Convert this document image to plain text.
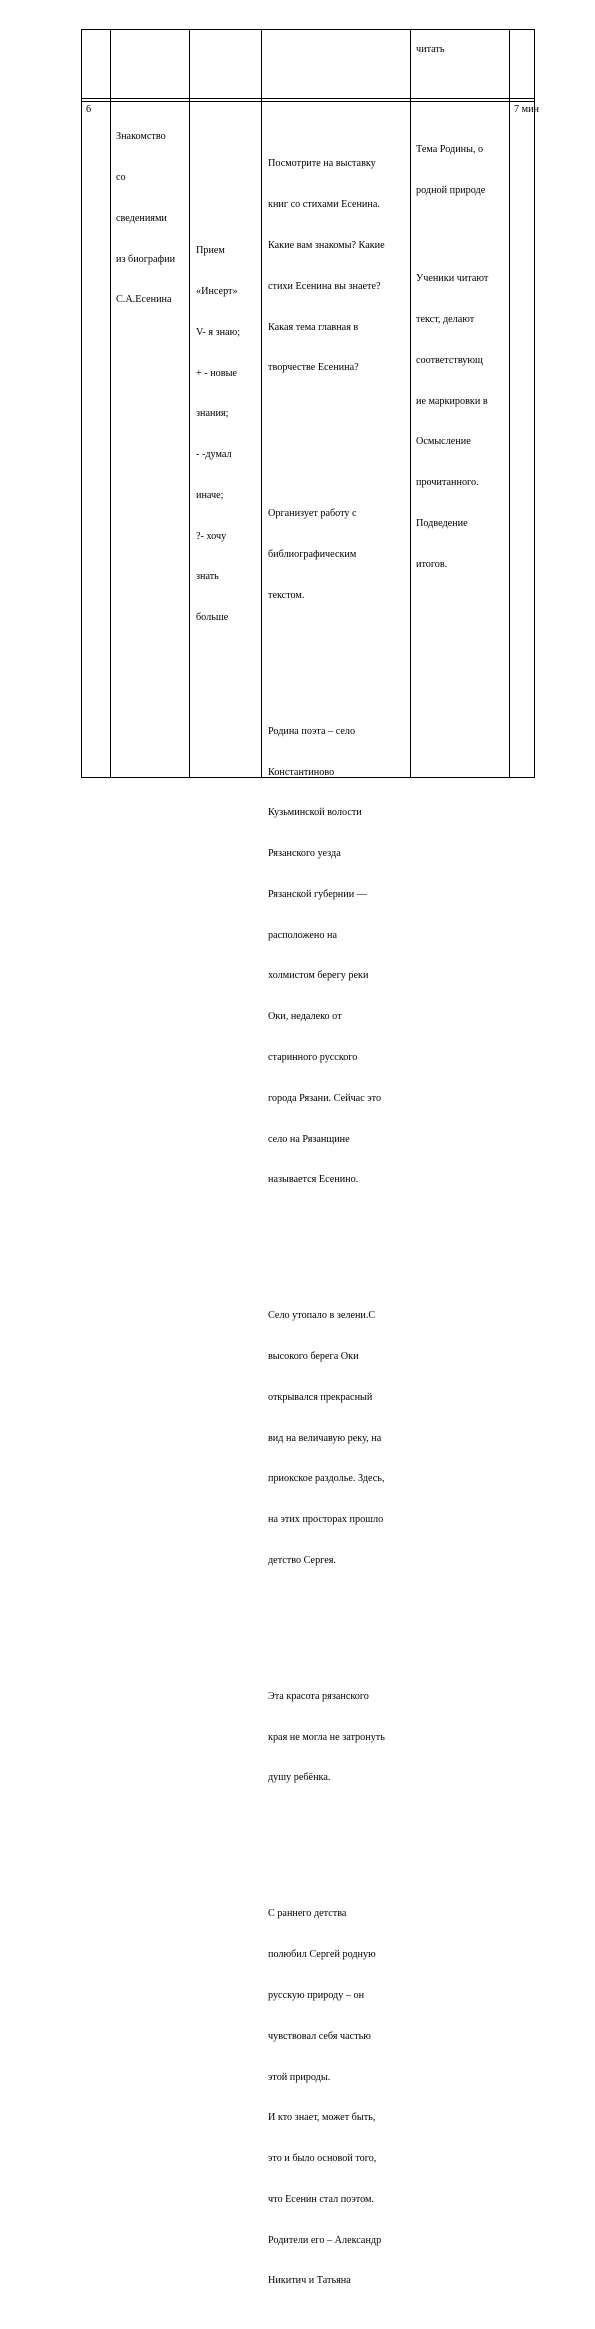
читать
6

Знакомство

со

сведениями

из биографии

С.А.Есенина

Прием

«Инсерт»

V- я знаю;

+ - новые

знания;

- -думал

иначе;

?- хочу

знать

больше

Посмотрите на выставку

книг со стихами Есенина.

Какие вам знакомы? Какие

стихи Есенина вы знаете?

Какая тема главная в

творчестве Есенина?

Организует работу с

библиографическим

текстом.

Родина поэта – село

Константиново

Кузьминской волости

Рязанского уезда

Рязанской губернии —

расположено на

холмистом берегу реки

Оки, недалеко от

старинного русского

города Рязани. Сейчас это

село на Рязанщине

называется Есенино.

Село утопало в зелени.С

высокого берега Оки

открывался прекрасный

вид на величавую реку, на

приокское раздолье. Здесь,

на этих просторах прошло

детство Сергея.

Эта красота рязанского

края не могла не затронуть

душу ребёнка.

С раннего детства

полюбил Сергей родную

русскую природу – он

чувствовал себя частью

этой природы.

И кто знает, может быть,

это и было основой того,

что Есенин стал поэтом.

Родители его – Александр

Никитич и Татьяна

Тема Родины, о

родной природе

Ученики читают

текст, делают

соответствующ

ие маркировки в

Осмысление

прочитанного.

Подведение

итогов.

7 мин
